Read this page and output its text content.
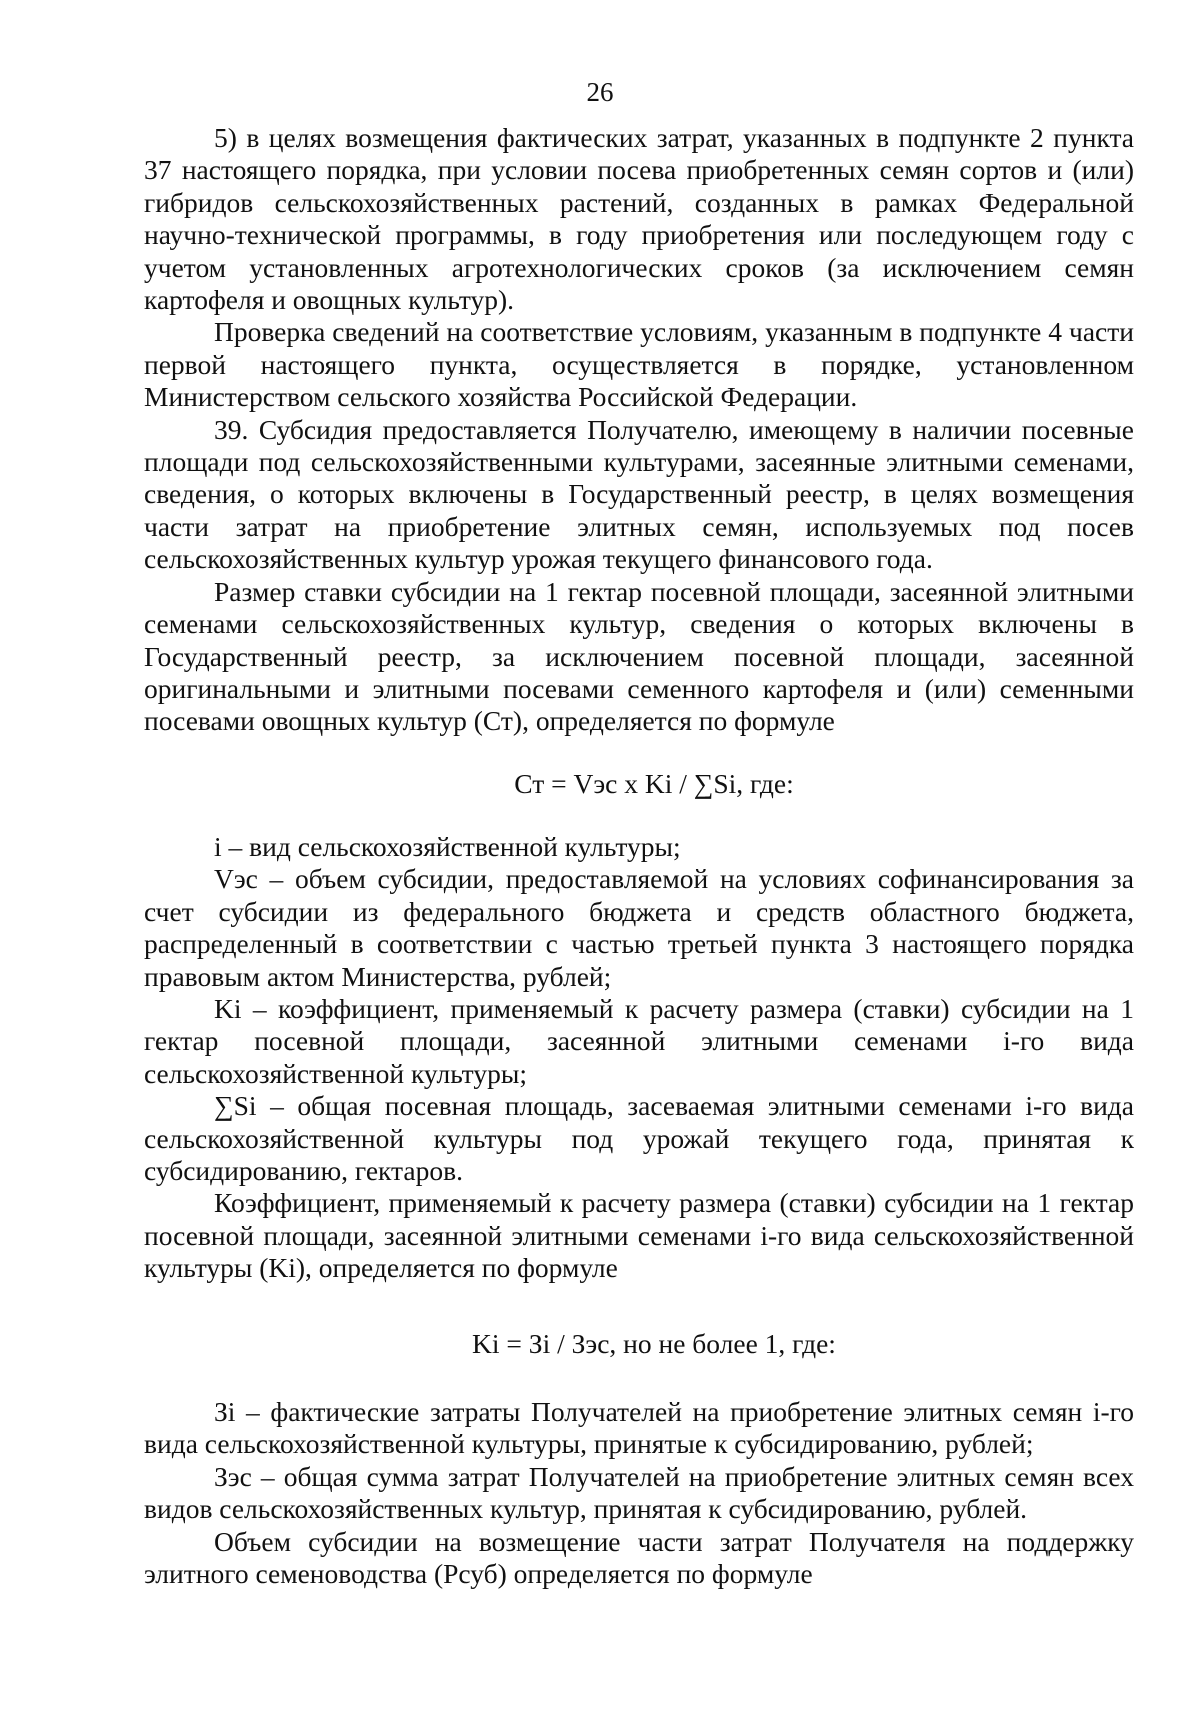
26

5) в целях возмещения фактических затрат, указанных в подпункте 2 пункта 37 настоящего порядка, при условии посева приобретенных семян сортов и (или) гибридов сельскохозяйственных растений, созданных в рамках Федеральной научно-технической программы, в году приобретения или последующем году с учетом установленных агротехнологических сроков (за исключением семян картофеля и овощных культур).

Проверка сведений на соответствие условиям, указанным в подпункте 4 части первой настоящего пункта, осуществляется в порядке, установленном Министерством сельского хозяйства Российской Федерации.

39. Субсидия предоставляется Получателю, имеющему в наличии посевные площади под сельскохозяйственными культурами, засеянные элитными семенами, сведения, о которых включены в Государственный реестр, в целях возмещения части затрат на приобретение элитных семян, используемых под посев сельскохозяйственных культур урожая текущего финансового года.

Размер ставки субсидии на 1 гектар посевной площади, засеянной элитными семенами сельскохозяйственных культур, сведения о которых включены в Государственный реестр, за исключением посевной площади, засеянной оригинальными и элитными посевами семенного картофеля и (или) семенными посевами овощных культур (Ст), определяется по формуле

Ст = Vэс х Ki / ∑Si, где:

i – вид сельскохозяйственной культуры;

Vэс – объем субсидии, предоставляемой на условиях софинансирования за счет субсидии из федерального бюджета и средств областного бюджета, распределенный в соответствии с частью третьей пункта 3 настоящего порядка правовым актом Министерства, рублей;

Ki – коэффициент, применяемый к расчету размера (ставки) субсидии на 1 гектар посевной площади, засеянной элитными семенами i-го вида сельскохозяйственной культуры;

∑Si – общая посевная площадь, засеваемая элитными семенами i-го вида сельскохозяйственной культуры под урожай текущего года, принятая к субсидированию, гектаров.

Коэффициент, применяемый к расчету размера (ставки) субсидии на 1 гектар посевной площади, засеянной элитными семенами i-го вида сельскохозяйственной культуры (Ki), определяется по формуле

Ki = Зi / Зэс, но не более 1, где:

Зi – фактические затраты Получателей на приобретение элитных семян i-го вида сельскохозяйственной культуры, принятые к субсидированию, рублей;

Зэс – общая сумма затрат Получателей на приобретение элитных семян всех видов сельскохозяйственных культур, принятая к субсидированию, рублей.

Объем субсидии на возмещение части затрат Получателя на поддержку элитного семеноводства (Рсуб) определяется по формуле
